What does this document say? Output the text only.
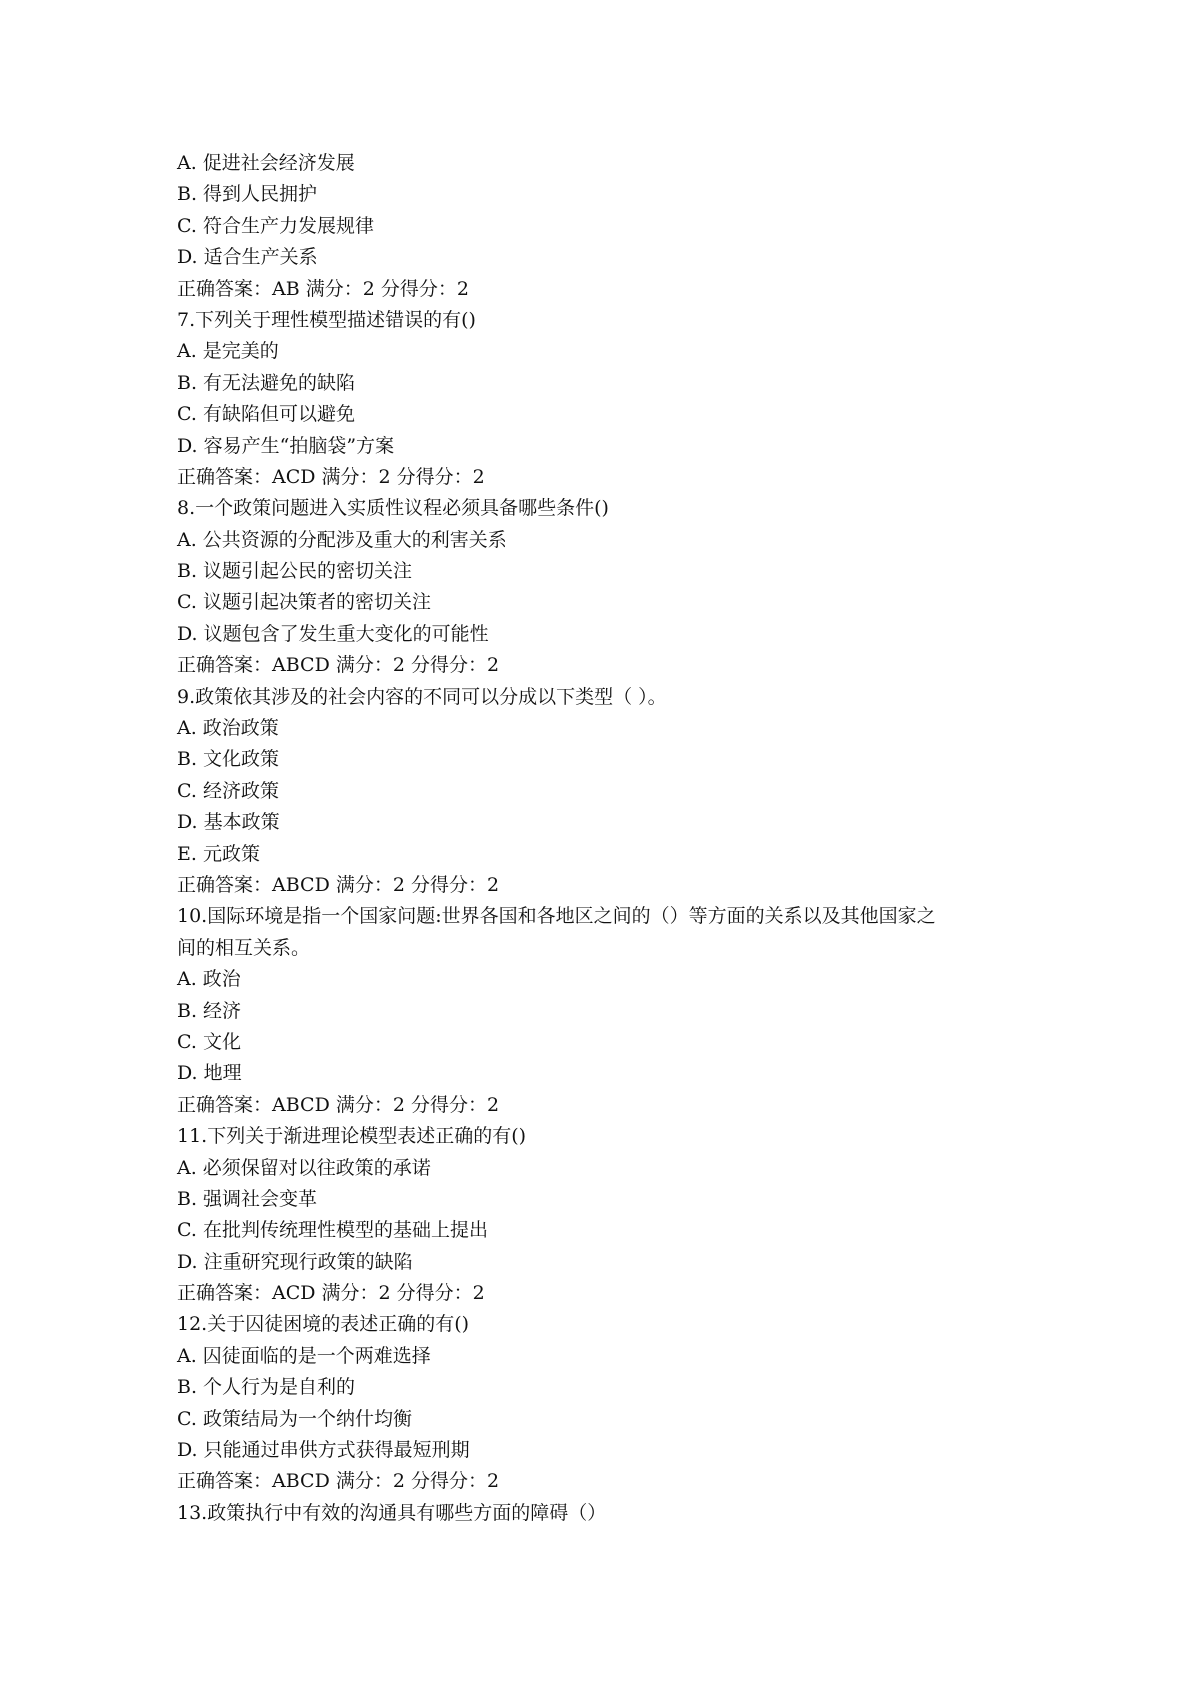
A. 促进社会经济发展
B. 得到人民拥护
C. 符合生产力发展规律
D. 适合生产关系
正确答案：AB 满分：2 分得分：2
7.下列关于理性模型描述错误的有()
A. 是完美的
B. 有无法避免的缺陷
C. 有缺陷但可以避免
D. 容易产生“拍脑袋”方案
正确答案：ACD 满分：2 分得分：2
8.一个政策问题进入实质性议程必须具备哪些条件()
A. 公共资源的分配涉及重大的利害关系
B. 议题引起公民的密切关注
C. 议题引起决策者的密切关注
D. 议题包含了发生重大变化的可能性
正确答案：ABCD 满分：2 分得分：2
9.政策依其涉及的社会内容的不同可以分成以下类型（ ）。
A. 政治政策
B. 文化政策
C. 经济政策
D. 基本政策
E. 元政策
正确答案：ABCD 满分：2 分得分：2
10.国际环境是指一个国家问题:世界各国和各地区之间的（）等方面的关系以及其他国家之
间的相互关系。
A. 政治
B. 经济
C. 文化
D. 地理
正确答案：ABCD 满分：2 分得分：2
11.下列关于渐进理论模型表述正确的有()
A. 必须保留对以往政策的承诺
B. 强调社会变革
C. 在批判传统理性模型的基础上提出
D. 注重研究现行政策的缺陷
正确答案：ACD 满分：2 分得分：2
12.关于囚徒困境的表述正确的有()
A. 囚徒面临的是一个两难选择
B. 个人行为是自利的
C. 政策结局为一个纳什均衡
D. 只能通过串供方式获得最短刑期
正确答案：ABCD 满分：2 分得分：2
13.政策执行中有效的沟通具有哪些方面的障碍（）
